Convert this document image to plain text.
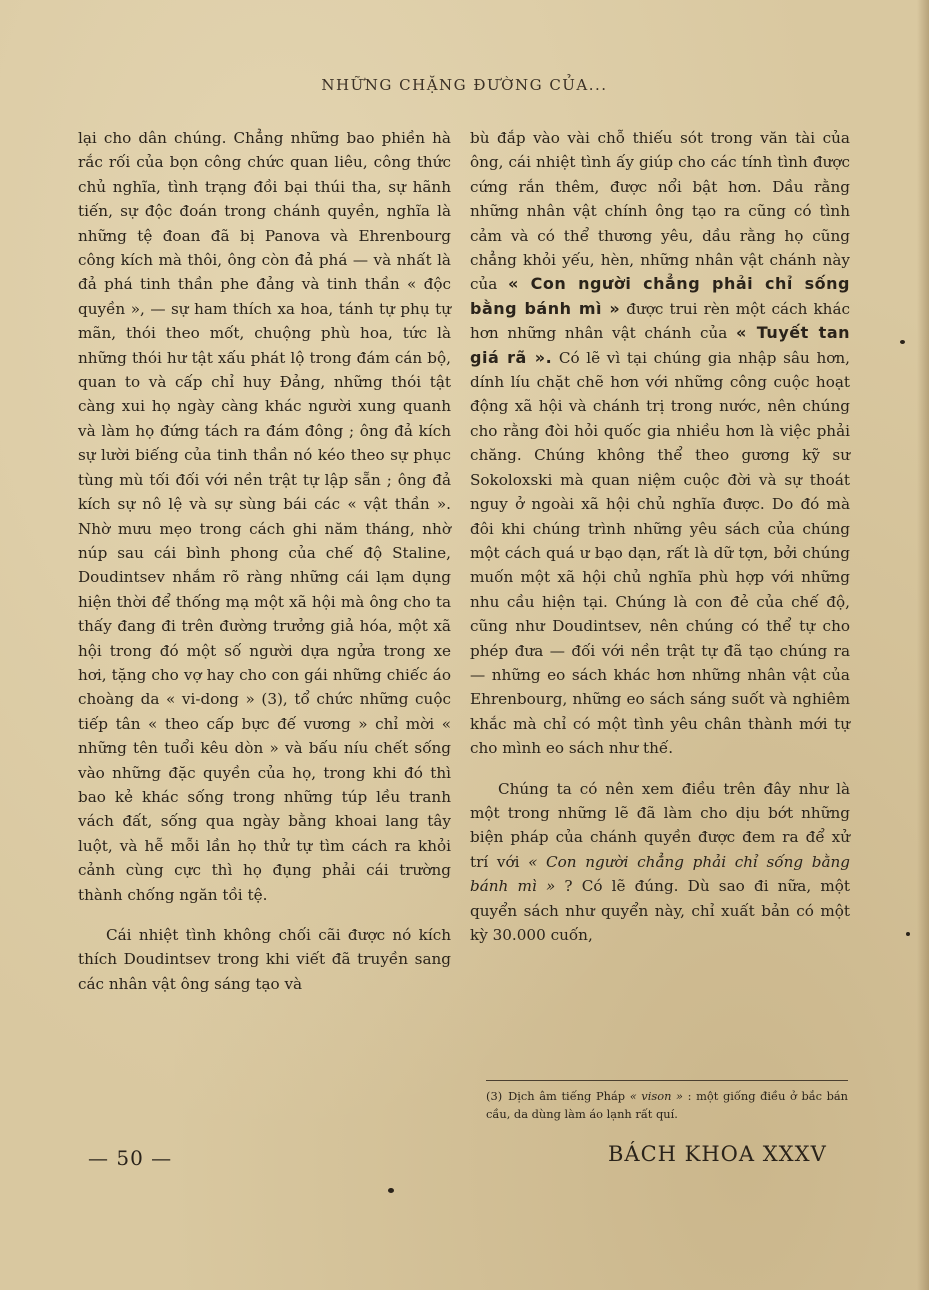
NHỮNG CHẶNG ĐƯỜNG CỦA...

lại cho dân chúng. Chẳng những bao phiền hà rắc rối của bọn công chức quan liêu, công thức chủ nghĩa, tình trạng đồi bại thúi tha, sự hãnh tiến, sự độc đoán trong chánh quyền, nghĩa là những tệ đoan đã bị Panova và Ehrenbourg công kích mà thôi, ông còn đả phá — và nhất là đả phá tinh thần phe đảng và tinh thần « độc quyền », — sự ham thích xa hoa, tánh tự phụ tự mãn, thói theo mốt, chuộng phù hoa, tức là những thói hư tật xấu phát lộ trong đám cán bộ, quan to và cấp chỉ huy Đảng, những thói tật càng xui họ ngày càng khác người xung quanh và làm họ đứng tách ra đám đông ; ông đả kích sự lười biếng của tinh thần nó kéo theo sự phục tùng mù tối đối với nền trật tự lập sẵn ; ông đả kích sự nô lệ và sự sùng bái các « vật thần ». Nhờ mưu mẹo trong cách ghi năm tháng, nhờ núp sau cái bình phong của chế độ Staline, Doudintsev nhắm rõ ràng những cái lạm dụng hiện thời để thống mạ một xã hội mà ông cho ta thấy đang đi trên đường trưởng giả hóa, một xã hội trong đó một số người dựa ngửa trong xe hơi, tặng cho vợ hay cho con gái những chiếc áo choàng da « vi-dong » (3), tổ chức những cuộc tiếp tân « theo cấp bực đế vương » chỉ mời « những tên tuổi kêu dòn » và bấu níu chết sống vào những đặc quyền của họ, trong khi đó thì bao kẻ khác sống trong những túp lều tranh vách đất, sống qua ngày bằng khoai lang tây luột, và hễ mỗi lần họ thử tự tìm cách ra khỏi cảnh cùng cực thì họ đụng phải cái trường thành chống ngăn tồi tệ.

Cái nhiệt tình không chối cãi được nó kích thích Doudintsev trong khi viết đã truyền sang các nhân vật ông sáng tạo và

bù đắp vào vài chỗ thiếu sót trong văn tài của ông, cái nhiệt tình ấy giúp cho các tính tình được cứng rắn thêm, được nổi bật hơn. Dầu rằng những nhân vật chính ông tạo ra cũng có tình cảm và có thể thương yêu, dầu rằng họ cũng chẳng khỏi yếu, hèn, những nhân vật chánh này của « Con người chẳng phải chỉ sống bằng bánh mì » được trui rèn một cách khác hơn những nhân vật chánh của « Tuyết tan giá rã ». Có lẽ vì tại chúng gia nhập sâu hơn, dính líu chặt chẽ hơn với những công cuộc hoạt động xã hội và chánh trị trong nước, nên chúng cho rằng đòi hỏi quốc gia nhiều hơn là việc phải chăng. Chúng không thể theo gương kỹ sư Sokoloxski mà quan niệm cuộc đời và sự thoát nguy ở ngoài xã hội chủ nghĩa được. Do đó mà đôi khi chúng trình những yêu sách của chúng một cách quá ư bạo dạn, rất là dữ tợn, bởi chúng muốn một xã hội chủ nghĩa phù hợp với những nhu cầu hiện tại. Chúng là con đẻ của chế độ, cũng như Doudintsev, nên chúng có thể tự cho phép đưa — đối với nền trật tự đã tạo chúng ra — những eo sách khác hơn những nhân vật của Ehrenbourg, những eo sách sáng suốt và nghiêm khắc mà chỉ có một tình yêu chân thành mới tự cho mình eo sách như thế.

Chúng ta có nên xem điều trên đây như là một trong những lẽ đã làm cho dịu bớt những biện pháp của chánh quyền được đem ra để xử trí với « Con người chẳng phải chỉ sống bằng bánh mì » ? Có lẽ đúng. Dù sao đi nữa, một quyển sách như quyển này, chỉ xuất bản có một kỳ 30.000 cuốn,

(3) Dịch âm tiếng Pháp « vison » : một giống điều ở bắc bán cầu, da dùng làm áo lạnh rất quí.
— 50 —	BÁCH KHOA XXXV
